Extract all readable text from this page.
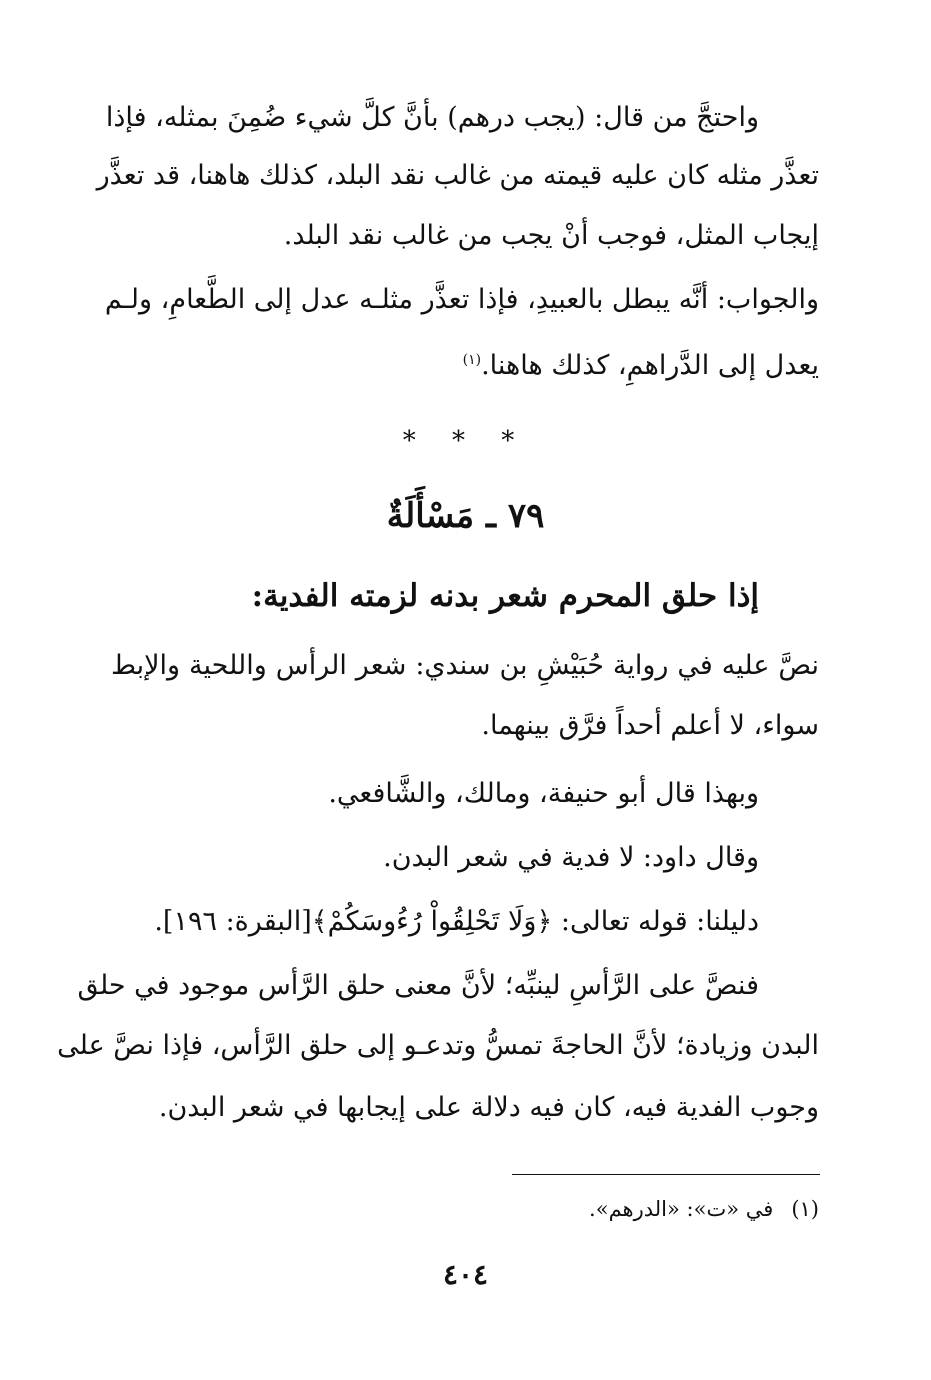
واحتجَّ من قال: (يجب درهم) بأنَّ كلَّ شيء ضُمِنَ بمثله، فإذا
تعذَّر مثله كان عليه قيمته من غالب نقد البلد، كذلك هاهنا، قد تعذَّر
إيجاب المثل، فوجب أنْ يجب من غالب نقد البلد.
والجواب: أنَّه يبطل بالعبيدِ، فإذا تعذَّر مثلـه عدل إلى الطَّعامِ، ولـم
يعدل إلى الدَّراهمِ، كذلك هاهنا.$^{(١)}$
* * *
٧٩ ـ مَسْأَلَةٌ
إذا حلق المحرم شعر بدنه لزمته الفدية:
نصَّ عليه في رواية حُبَيْشِ بن سندي: شعر الرأس واللحية والإبط
سواء، لا أعلم أحداً فرَّق بينهما.
وبهذا قال أبو حنيفة، ومالك، والشَّافعي.
وقال داود: لا فدية في شعر البدن.
دليلنا: قوله تعالى: ﴿وَلَا تَحْلِقُواْ رُءُوسَكُمْ﴾[البقرة: ١٩٦].
فنصَّ على الرَّأسِ لينبِّه؛ لأنَّ معنى حلق الرَّأس موجود في حلق
البدن وزيادة؛ لأنَّ الحاجةَ تمسُّ وتدعـو إلى حلق الرَّأس، فإذا نصَّ على
وجوب الفدية فيه، كان فيه دلالة على إيجابها في شعر البدن.
(١)في «ت»: «الدرهم».
٤٠٤
